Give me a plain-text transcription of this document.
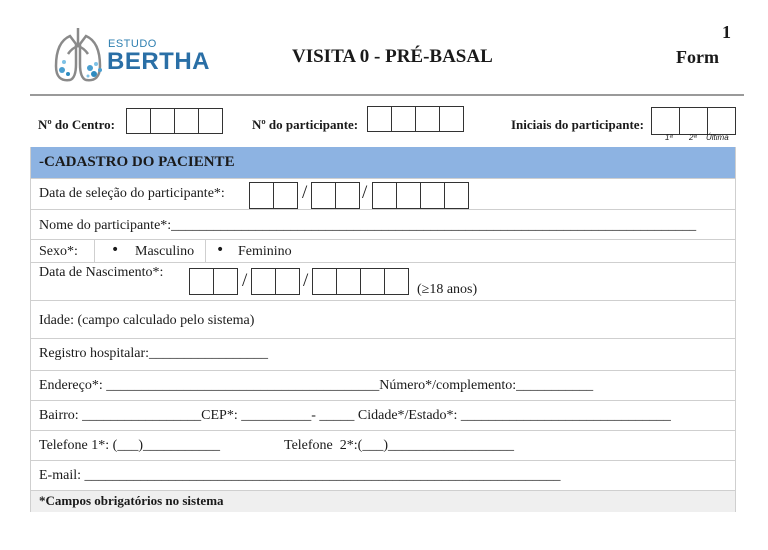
1
ESTUDO
BERTHA	VISITA 0 - PRÉ-BASAL	Form
Nº do Centro:	Nº do participante:	Iniciais do participante:
1ª 2ª Última
-CADASTRO DO PACIENTE
Data de seleção do participante*:	/	/
Nome do participante*:___________________________________________________________________________
Sexo*: • Masculino • Feminino
Data de Nascimento*:	/	/	(≥18 anos)
Idade: (campo calculado pelo sistema)
Registro hospitalar:_________________
Endereço*: _______________________________________Número*/complemento:___________
Bairro: _________________CEP*: __________- _____ Cidade*/Estado*: ______________________________
Telefone 1*: (___)___________	Telefone  2*:(___)__________________
E-mail: ____________________________________________________________________
*Campos obrigatórios no sistema
